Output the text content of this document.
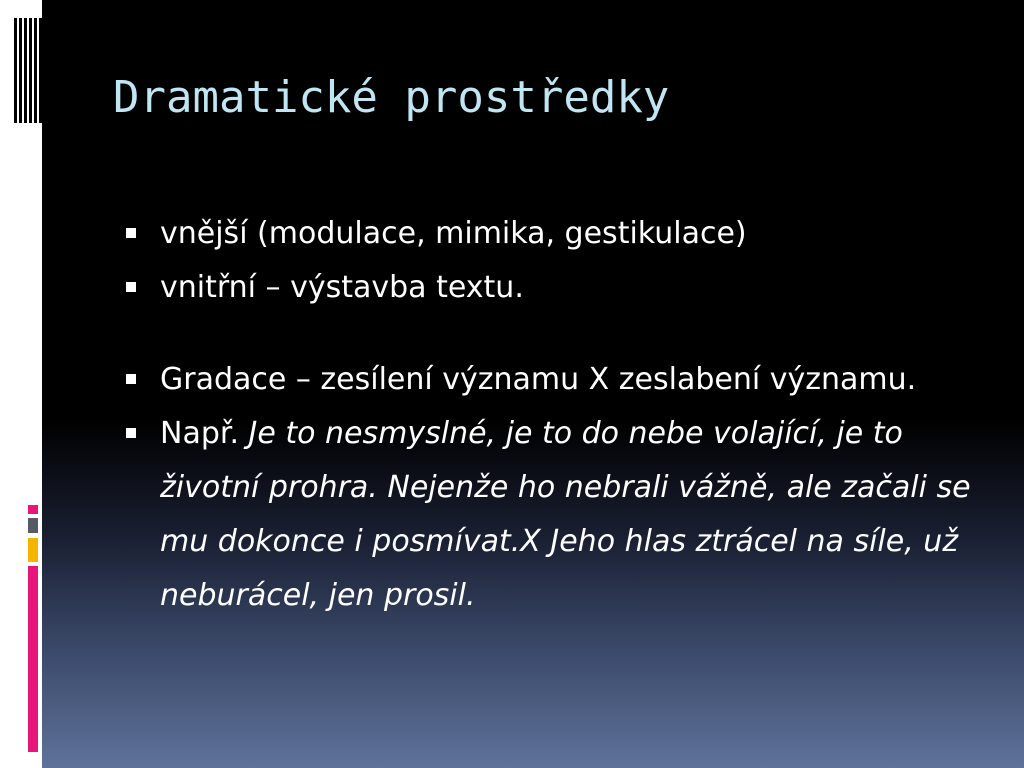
Dramatické prostředky
vnější (modulace, mimika, gestikulace)
vnitřní – výstavba textu.
Gradace – zesílení významu X zeslabení významu.
Např. Je to nesmyslné, je to do nebe volající, je to životní prohra. Nejenže ho nebrali vážně, ale začali se mu dokonce i posmívat.X Jeho hlas ztrácel na síle, už neburácel, jen prosil.
